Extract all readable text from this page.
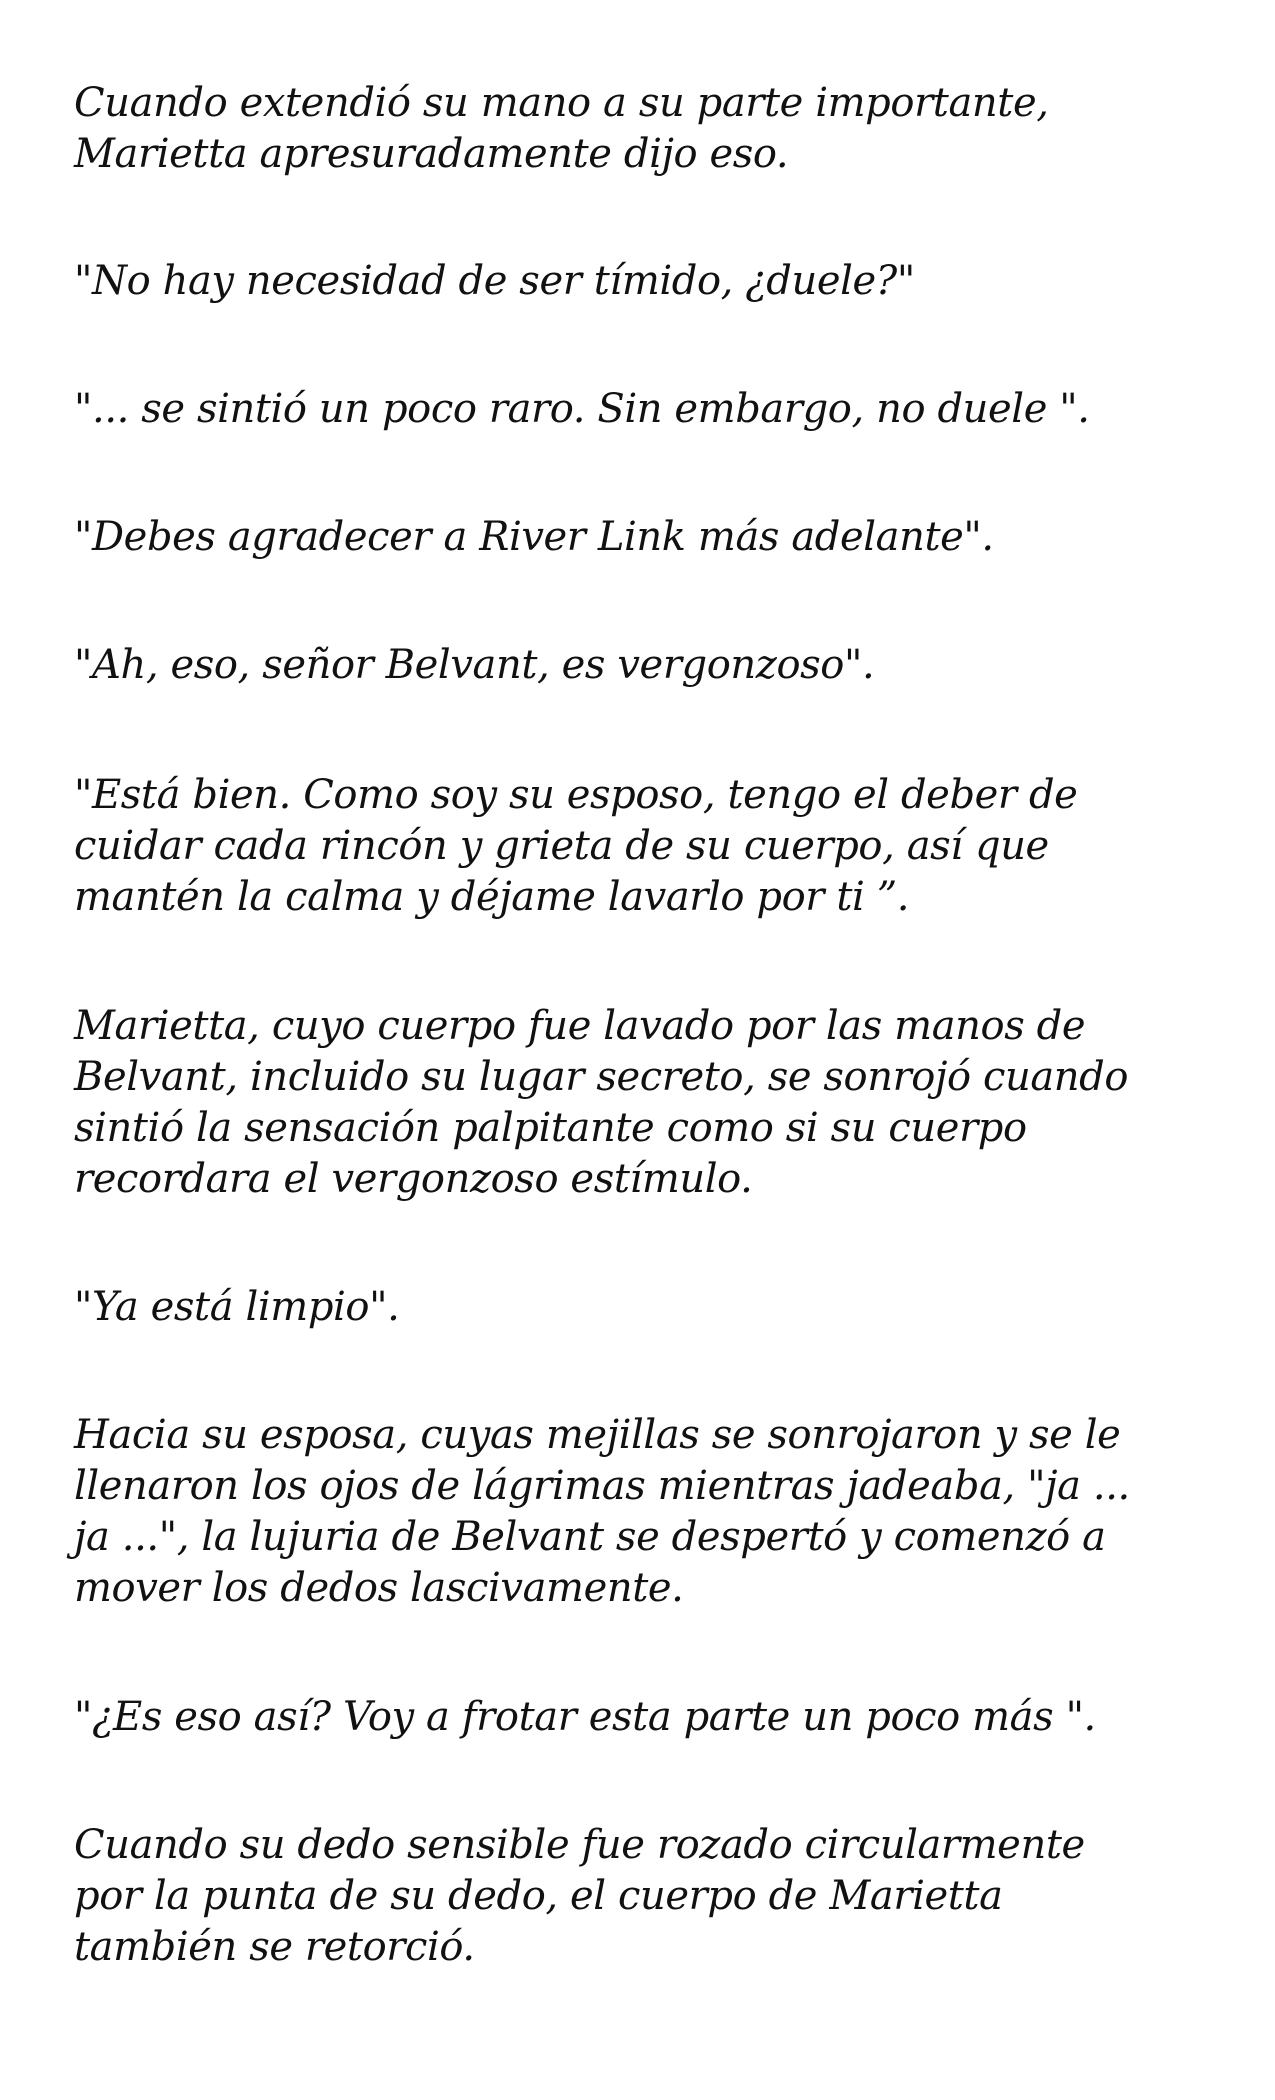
Cuando extendió su mano a su parte importante,
Marietta apresuradamente dijo eso.

"No hay necesidad de ser tímido, ¿duele?"

"... se sintió un poco raro. Sin embargo, no duele ".

"Debes agradecer a River Link más adelante".

"Ah, eso, señor Belvant, es vergonzoso".

"Está bien. Como soy su esposo, tengo el deber de
cuidar cada rincón y grieta de su cuerpo, así que
mantén la calma y déjame lavarlo por ti ”.

Marietta, cuyo cuerpo fue lavado por las manos de
Belvant, incluido su lugar secreto, se sonrojó cuando
sintió la sensación palpitante como si su cuerpo
recordara el vergonzoso estímulo.

"Ya está limpio".

Hacia su esposa, cuyas mejillas se sonrojaron y se le
llenaron los ojos de lágrimas mientras jadeaba, "ja ...
ja ...", la lujuria de Belvant se despertó y comenzó a
mover los dedos lascivamente.

"¿Es eso así? Voy a frotar esta parte un poco más ".

Cuando su dedo sensible fue rozado circularmente
por la punta de su dedo, el cuerpo de Marietta
también se retorció.
